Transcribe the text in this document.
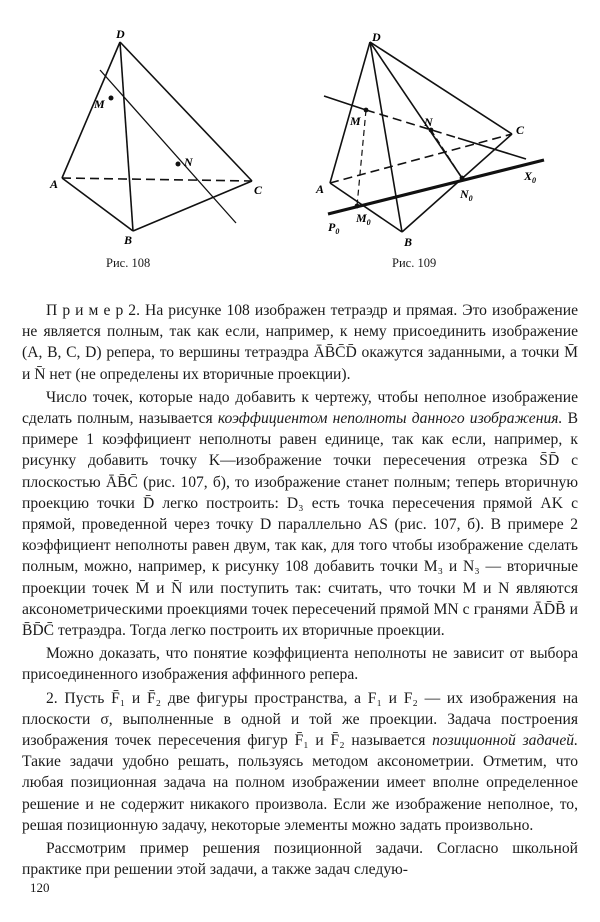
D
M
N
A
B
C
Рис. 108
D
M	N
C
A
B
$M_0$
$N_0$
$X_0$
$P_0$
Рис. 109

П р и м е р 2. На рисунке 108 изображен тетраэдр и прямая. Это изображение не является полным, так как если, например, к нему присоединить изображение (A, B, C, D) репера, то вершины тетраэдра ĀB̄C̄D̄ окажутся заданными, а точки M̄ и N̄ нет (не определены их вторичные проекции).

Число точек, которые надо добавить к чертежу, чтобы неполное изображение сделать полным, называется коэффициентом неполноты данного изображения. В примере 1 коэффициент неполноты равен единице, так как если, например, к рисунку добавить точку K—изображение точки пересечения отрезка S̄D̄ с плоскостью ĀB̄C̄ (рис. 107, б), то изображение станет полным; теперь вторичную проекцию точки D̄ легко построить: D₃ есть точка пересечения прямой AK с прямой, проведенной через точку D параллельно AS (рис. 107, б). В примере 2 коэффициент неполноты равен двум, так как, для того чтобы изображение сделать полным, можно, например, к рисунку 108 добавить точки M₃ и N₃ — вторичные проекции точек M̄ и N̄ или поступить так: считать, что точки M и N являются аксонометрическими проекциями точек пересечений прямой MN с гранями ĀD̄B̄ и B̄D̄C̄ тетраэдра. Тогда легко построить их вторичные проекции.

Можно доказать, что понятие коэффициента неполноты не зависит от выбора присоединенного изображения аффинного репера.

2. Пусть F̄₁ и F̄₂ две фигуры пространства, а F₁ и F₂ — их изображения на плоскости σ, выполненные в одной и той же проекции. Задача построения изображения точек пересечения фигур F̄₁ и F̄₂ называется позиционной задачей. Такие задачи удобно решать, пользуясь методом аксонометрии. Отметим, что любая позиционная задача на полном изображении имеет вполне определенное решение и не содержит никакого произвола. Если же изображение неполное, то, решая позиционную задачу, некоторые элементы можно задать произвольно.

Рассмотрим пример решения позиционной задачи. Согласно школьной практике при решении этой задачи, а также задач следую-

120
